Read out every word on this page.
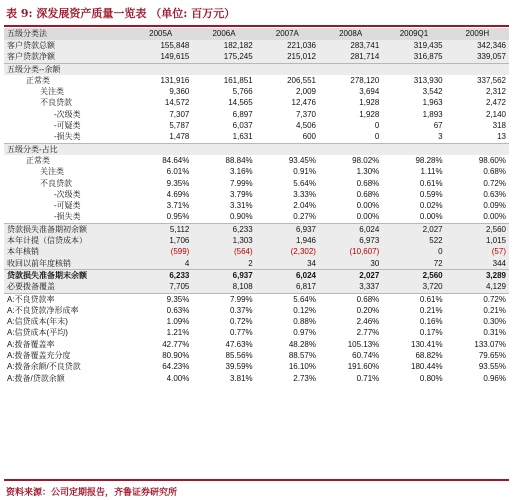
表 9: 深发展资产质量一览表 （单位: 百万元）
五级分类法	2005A	2006A	2007A	2008A	2009Q1	2009H
客户贷款总额	155,848	182,182	221,036	283,741	319,435	342,346
客户贷款净额	149,615	175,245	215,012	281,714	316,875	339,057
五级分类--余额						
正常类	131,916	161,851	206,551	278,120	313,930	337,562
关注类	9,360	5,766	2,009	3,694	3,542	2,312
不良贷款	14,572	14,565	12,476	1,928	1,963	2,472
-次级类	7,307	6,897	7,370	1,928	1,893	2,140
-可疑类	5,787	6,037	4,506	0	67	318
-损失类	1,478	1,631	600	0	3	13
五级分类-占比						
正常类	84.64%	88.84%	93.45%	98.02%	98.28%	98.60%
关注类	6.01%	3.16%	0.91%	1.30%	1.11%	0.68%
不良贷款	9.35%	7.99%	5.64%	0.68%	0.61%	0.72%
-次级类	4.69%	3.79%	3.33%	0.68%	0.59%	0.63%
-可疑类	3.71%	3.31%	2.04%	0.00%	0.02%	0.09%
-损失类	0.95%	0.90%	0.27%	0.00%	0.00%	0.00%
贷款损失准备期初余额	5,112	6,233	6,937	6,024	2,027	2,560
本年计提（信贷成本）	1,706	1,303	1,946	6,973	522	1,015
本年核销	(599)	(564)	(2,302)	(10,607)	0	(57)
收回以前年度核销	4	2	34	30	72	344
贷款损失准备期末余额	6,233	6,937	6,024	2,027	2,560	3,289
必要拨备覆盖	7,705	8,108	6,817	3,337	3,720	4,129
A:不良贷款率	9.35%	7.99%	5.64%	0.68%	0.61%	0.72%
A:不良贷款净形成率	0.63%	0.37%	0.12%	0.20%	0.21%	0.21%
A:信贷成本(年末)	1.09%	0.72%	0.88%	2.46%	0.16%	0.30%
A:信贷成本(平均)	1.21%	0.77%	0.97%	2.77%	0.17%	0.31%
A:拨备覆盖率	42.77%	47.63%	48.28%	105.13%	130.41%	133.07%
A:拨备覆盖充分度	80.90%	85.56%	88.57%	60.74%	68.82%	79.65%
A:拨备余额/不良贷款	64.23%	39.59%	16.10%	191.60%	180.44%	93.55%
A:拨备/贷款余额	4.00%	3.81%	2.73%	0.71%	0.80%	0.96%
资料来源：公司定期报告，齐鲁证券研究所
